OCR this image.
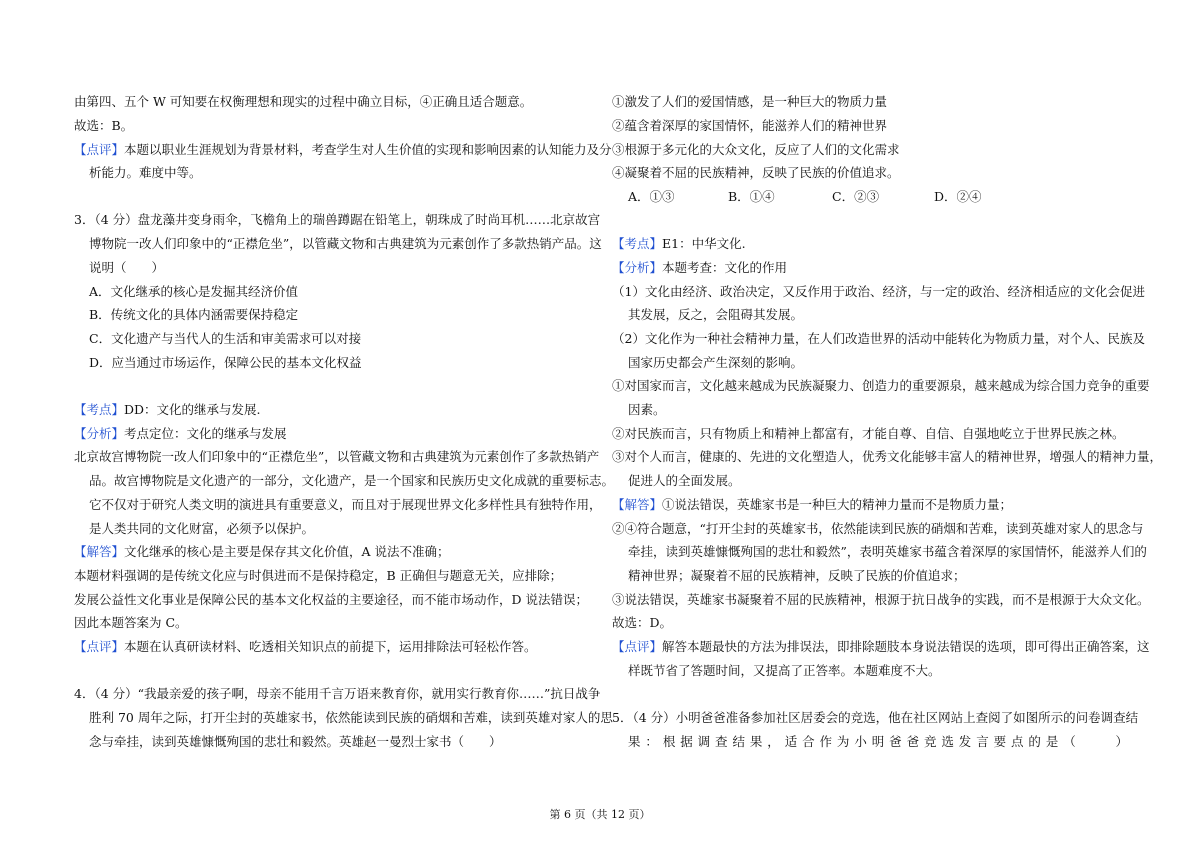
由第四、五个 W 可知要在权衡理想和现实的过程中确立目标，④正确且适合题意。
故选：B。
【点评】本题以职业生涯规划为背景材料，考查学生对人生价值的实现和影响因素的认知能力及分
析能力。难度中等。
3．（4 分）盘龙藻井变身雨伞，飞檐角上的瑞兽蹲踞在铅笔上，朝珠成了时尚耳机……北京故宫
博物院一改人们印象中的“正襟危坐”，以管藏文物和古典建筑为元素创作了多款热销产品。这
说明（　　）
A．文化继承的核心是发掘其经济价值
B．传统文化的具体内涵需要保持稳定
C．文化遗产与当代人的生活和审美需求可以对接
D．应当通过市场运作，保障公民的基本文化权益
【考点】DD：文化的继承与发展.
【分析】考点定位：文化的继承与发展
北京故宫博物院一改人们印象中的“正襟危坐”，以管藏文物和古典建筑为元素创作了多款热销产
品。故宫博物院是文化遗产的一部分，文化遗产，是一个国家和民族历史文化成就的重要标志。
它不仅对于研究人类文明的演进具有重要意义，而且对于展现世界文化多样性具有独特作用，
是人类共同的文化财富，必须予以保护。
【解答】文化继承的核心是主要是保存其文化价值，A 说法不准确；
本题材料强调的是传统文化应与时俱进而不是保持稳定，B 正确但与题意无关，应排除；
发展公益性文化事业是保障公民的基本文化权益的主要途径，而不能市场动作，D 说法错误；
因此本题答案为 C。
【点评】本题在认真研读材料、吃透相关知识点的前提下，运用排除法可轻松作答。
4．（4 分）“我最亲爱的孩子啊，母亲不能用千言万语来教育你，就用实行教育你……”抗日战争
胜利 70 周年之际，打开尘封的英雄家书，依然能读到民族的硝烟和苦难，读到英雄对家人的思
念与牵挂，读到英雄慷慨殉国的悲壮和毅然。英雄赵一曼烈士家书（　　）
①激发了人们的爱国情感，是一种巨大的物质力量
②蕴含着深厚的家国情怀，能滋养人们的精神世界
③根源于多元化的大众文化，反应了人们的文化需求
④凝聚着不屈的民族精神，反映了民族的价值追求。
A．①③	B．①④	C．②③	D．②④
【考点】E1：中华文化.
【分析】本题考查：文化的作用
（1）文化由经济、政治决定，又反作用于政治、经济，与一定的政治、经济相适应的文化会促进
其发展，反之，会阻碍其发展。
（2）文化作为一种社会精神力量，在人们改造世界的活动中能转化为物质力量，对个人、民族及
国家历史都会产生深刻的影响。
①对国家而言，文化越来越成为民族凝聚力、创造力的重要源泉，越来越成为综合国力竞争的重要
因素。
②对民族而言，只有物质上和精神上都富有，才能自尊、自信、自强地屹立于世界民族之林。
③对个人而言，健康的、先进的文化塑造人，优秀文化能够丰富人的精神世界，增强人的精神力量，
促进人的全面发展。
【解答】①说法错误，英雄家书是一种巨大的精神力量而不是物质力量；
②④符合题意，“打开尘封的英雄家书，依然能读到民族的硝烟和苦难，读到英雄对家人的思念与
牵挂，读到英雄慷慨殉国的悲壮和毅然”，表明英雄家书蕴含着深厚的家国情怀，能滋养人们的
精神世界；凝聚着不屈的民族精神，反映了民族的价值追求；
③说法错误，英雄家书凝聚着不屈的民族精神，根源于抗日战争的实践，而不是根源于大众文化。
故选：D。
【点评】解答本题最快的方法为排误法，即排除题肢本身说法错误的选项，即可得出正确答案，这
样既节省了答题时间，又提高了正答率。本题难度不大。
5．（4 分）小明爸爸准备参加社区居委会的竞选，他在社区网站上查阅了如图所示的问卷调查结
果：根据调查结果，适合作为小明爸爸竞选发言要点的是（　　）
第 6 页（共 12 页）
